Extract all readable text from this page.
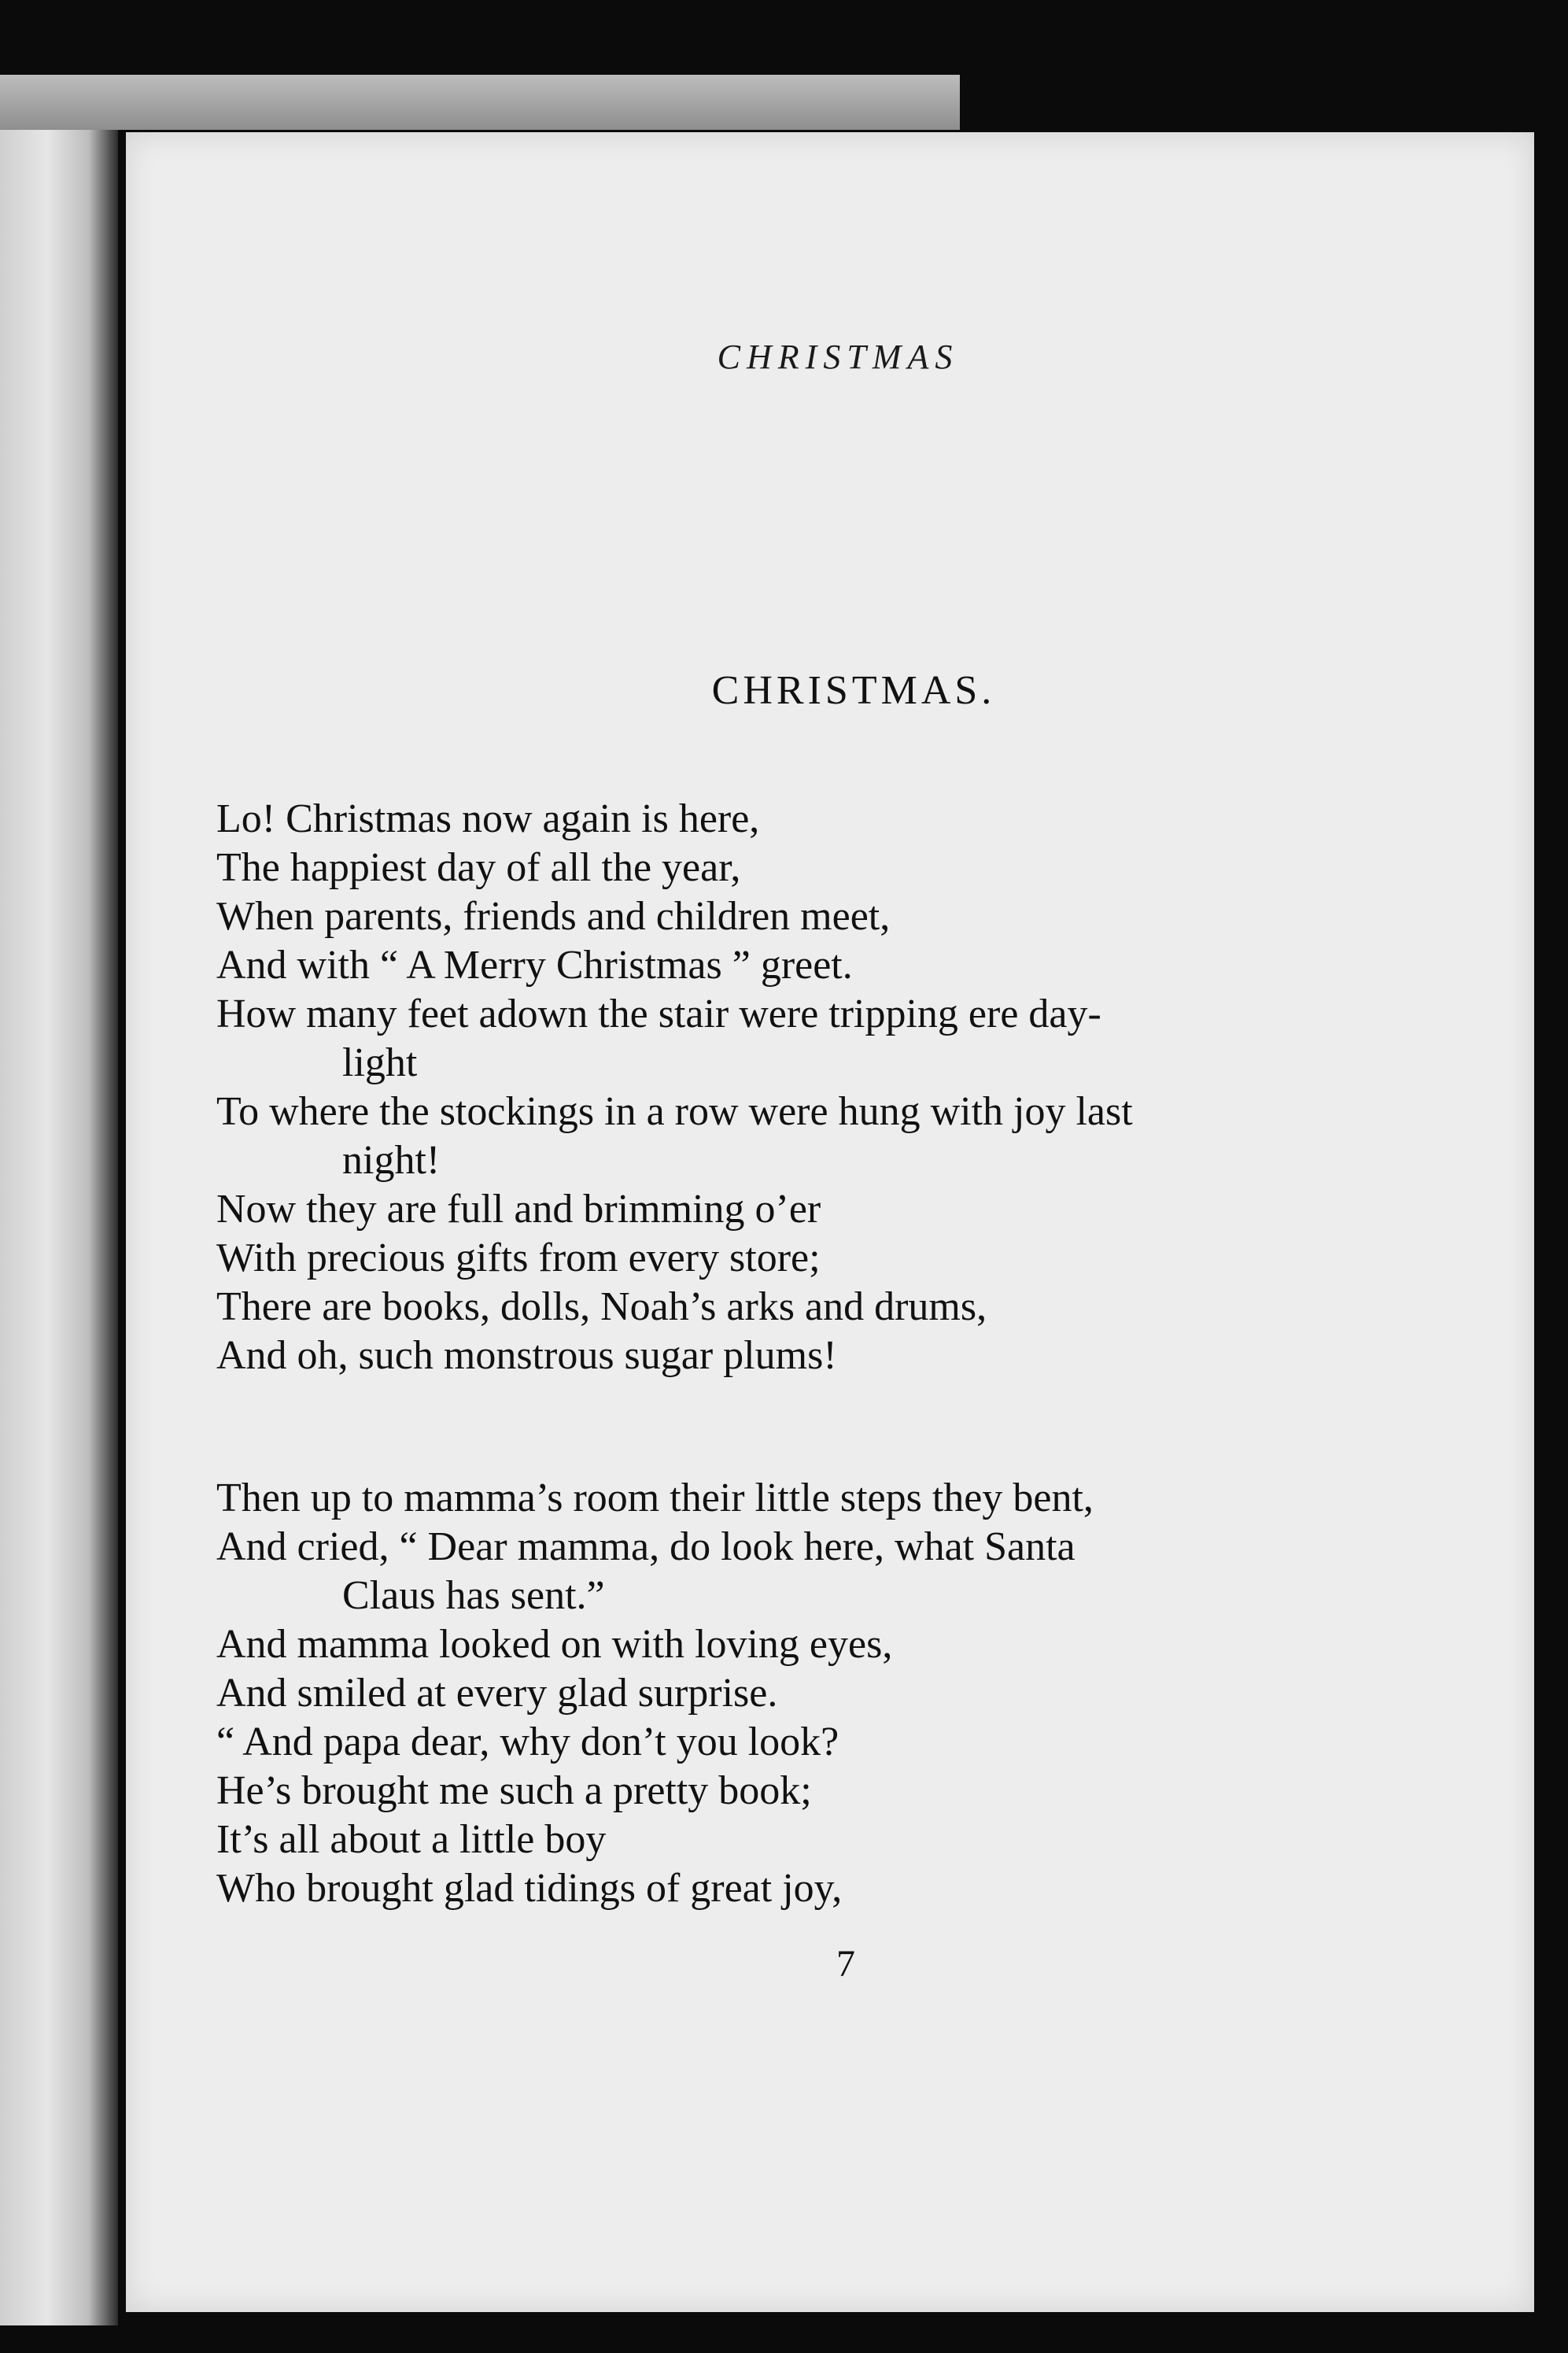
CHRISTMAS
CHRISTMAS.
Lo! Christmas now again is here,
The happiest day of all the year,
When parents, friends and children meet,
And with “ A Merry Christmas ” greet.
How many feet adown the stair were tripping ere day-
light
To where the stockings in a row were hung with joy last
night!
Now they are full and brimming o’er
With precious gifts from every store;
There are books, dolls, Noah’s arks and drums,
And oh, such monstrous sugar plums!
Then up to mamma’s room their little steps they bent,
And cried, “ Dear mamma, do look here, what Santa
Claus has sent.”
And mamma looked on with loving eyes,
And smiled at every glad surprise.
“ And papa dear, why don’t you look?
He’s brought me such a pretty book;
It’s all about a little boy
Who brought glad tidings of great joy,
7
